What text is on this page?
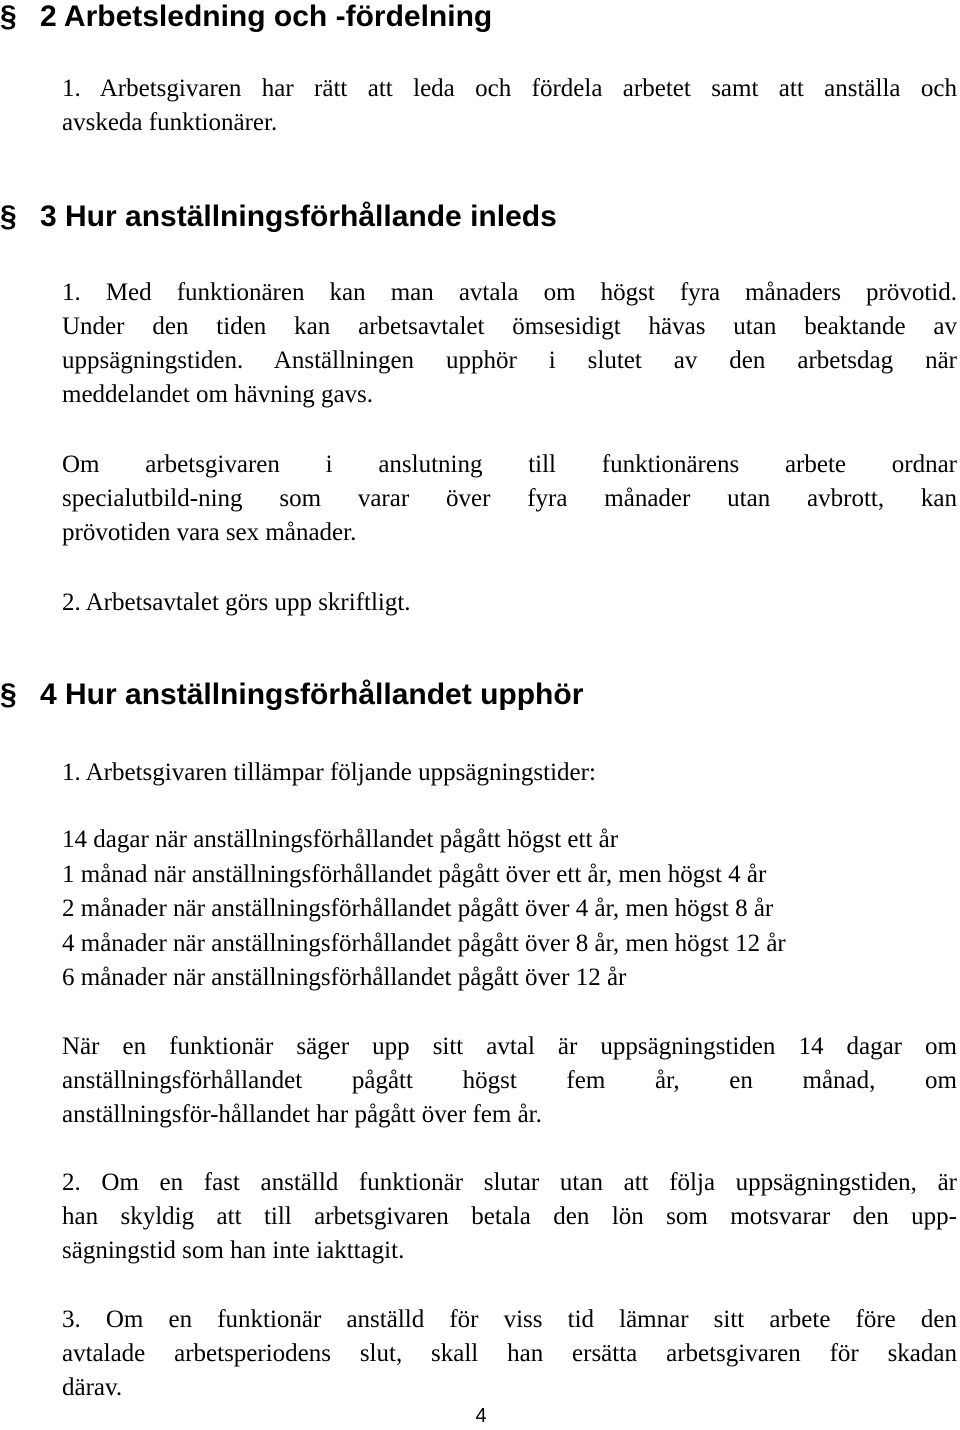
§ 2 Arbetsledning och -fördelning
1. Arbetsgivaren har rätt att leda och fördela arbetet samt att anställa och
avskeda funktionärer.
§ 3 Hur anställningsförhållande inleds
1. Med funktionären kan man avtala om högst fyra månaders prövotid.
Under den tiden kan arbetsavtalet ömsesidigt hävas utan beaktande av
uppsägningstiden. Anställningen upphör i slutet av den arbetsdag när
meddelandet om hävning gavs.
Om arbetsgivaren i anslutning till funktionärens arbete ordnar
specialutbild-ning som varar över fyra månader utan avbrott, kan
prövotiden vara sex månader.
2. Arbetsavtalet görs upp skriftligt.
§ 4 Hur anställningsförhållandet upphör
1. Arbetsgivaren tillämpar följande uppsägningstider:
14 dagar när anställningsförhållandet pågått högst ett år
1 månad när anställningsförhållandet pågått över ett år, men högst 4 år
2 månader när anställningsförhållandet pågått över 4 år, men högst 8 år
4 månader när anställningsförhållandet pågått över 8 år, men högst 12 år
6 månader när anställningsförhållandet pågått över 12 år
När en funktionär säger upp sitt avtal är uppsägningstiden 14 dagar om
anställningsförhållandet pågått högst fem år, en månad, om
anställningsför-hållandet har pågått över fem år.
2. Om en fast anställd funktionär slutar utan att följa uppsägningstiden, är
han skyldig att till arbetsgivaren betala den lön som motsvarar den upp-
sägningstid som han inte iakttagit.
3. Om en funktionär anställd för viss tid lämnar sitt arbete före den
avtalade arbetsperiodens slut, skall han ersätta arbetsgivaren för skadan
därav.
4
